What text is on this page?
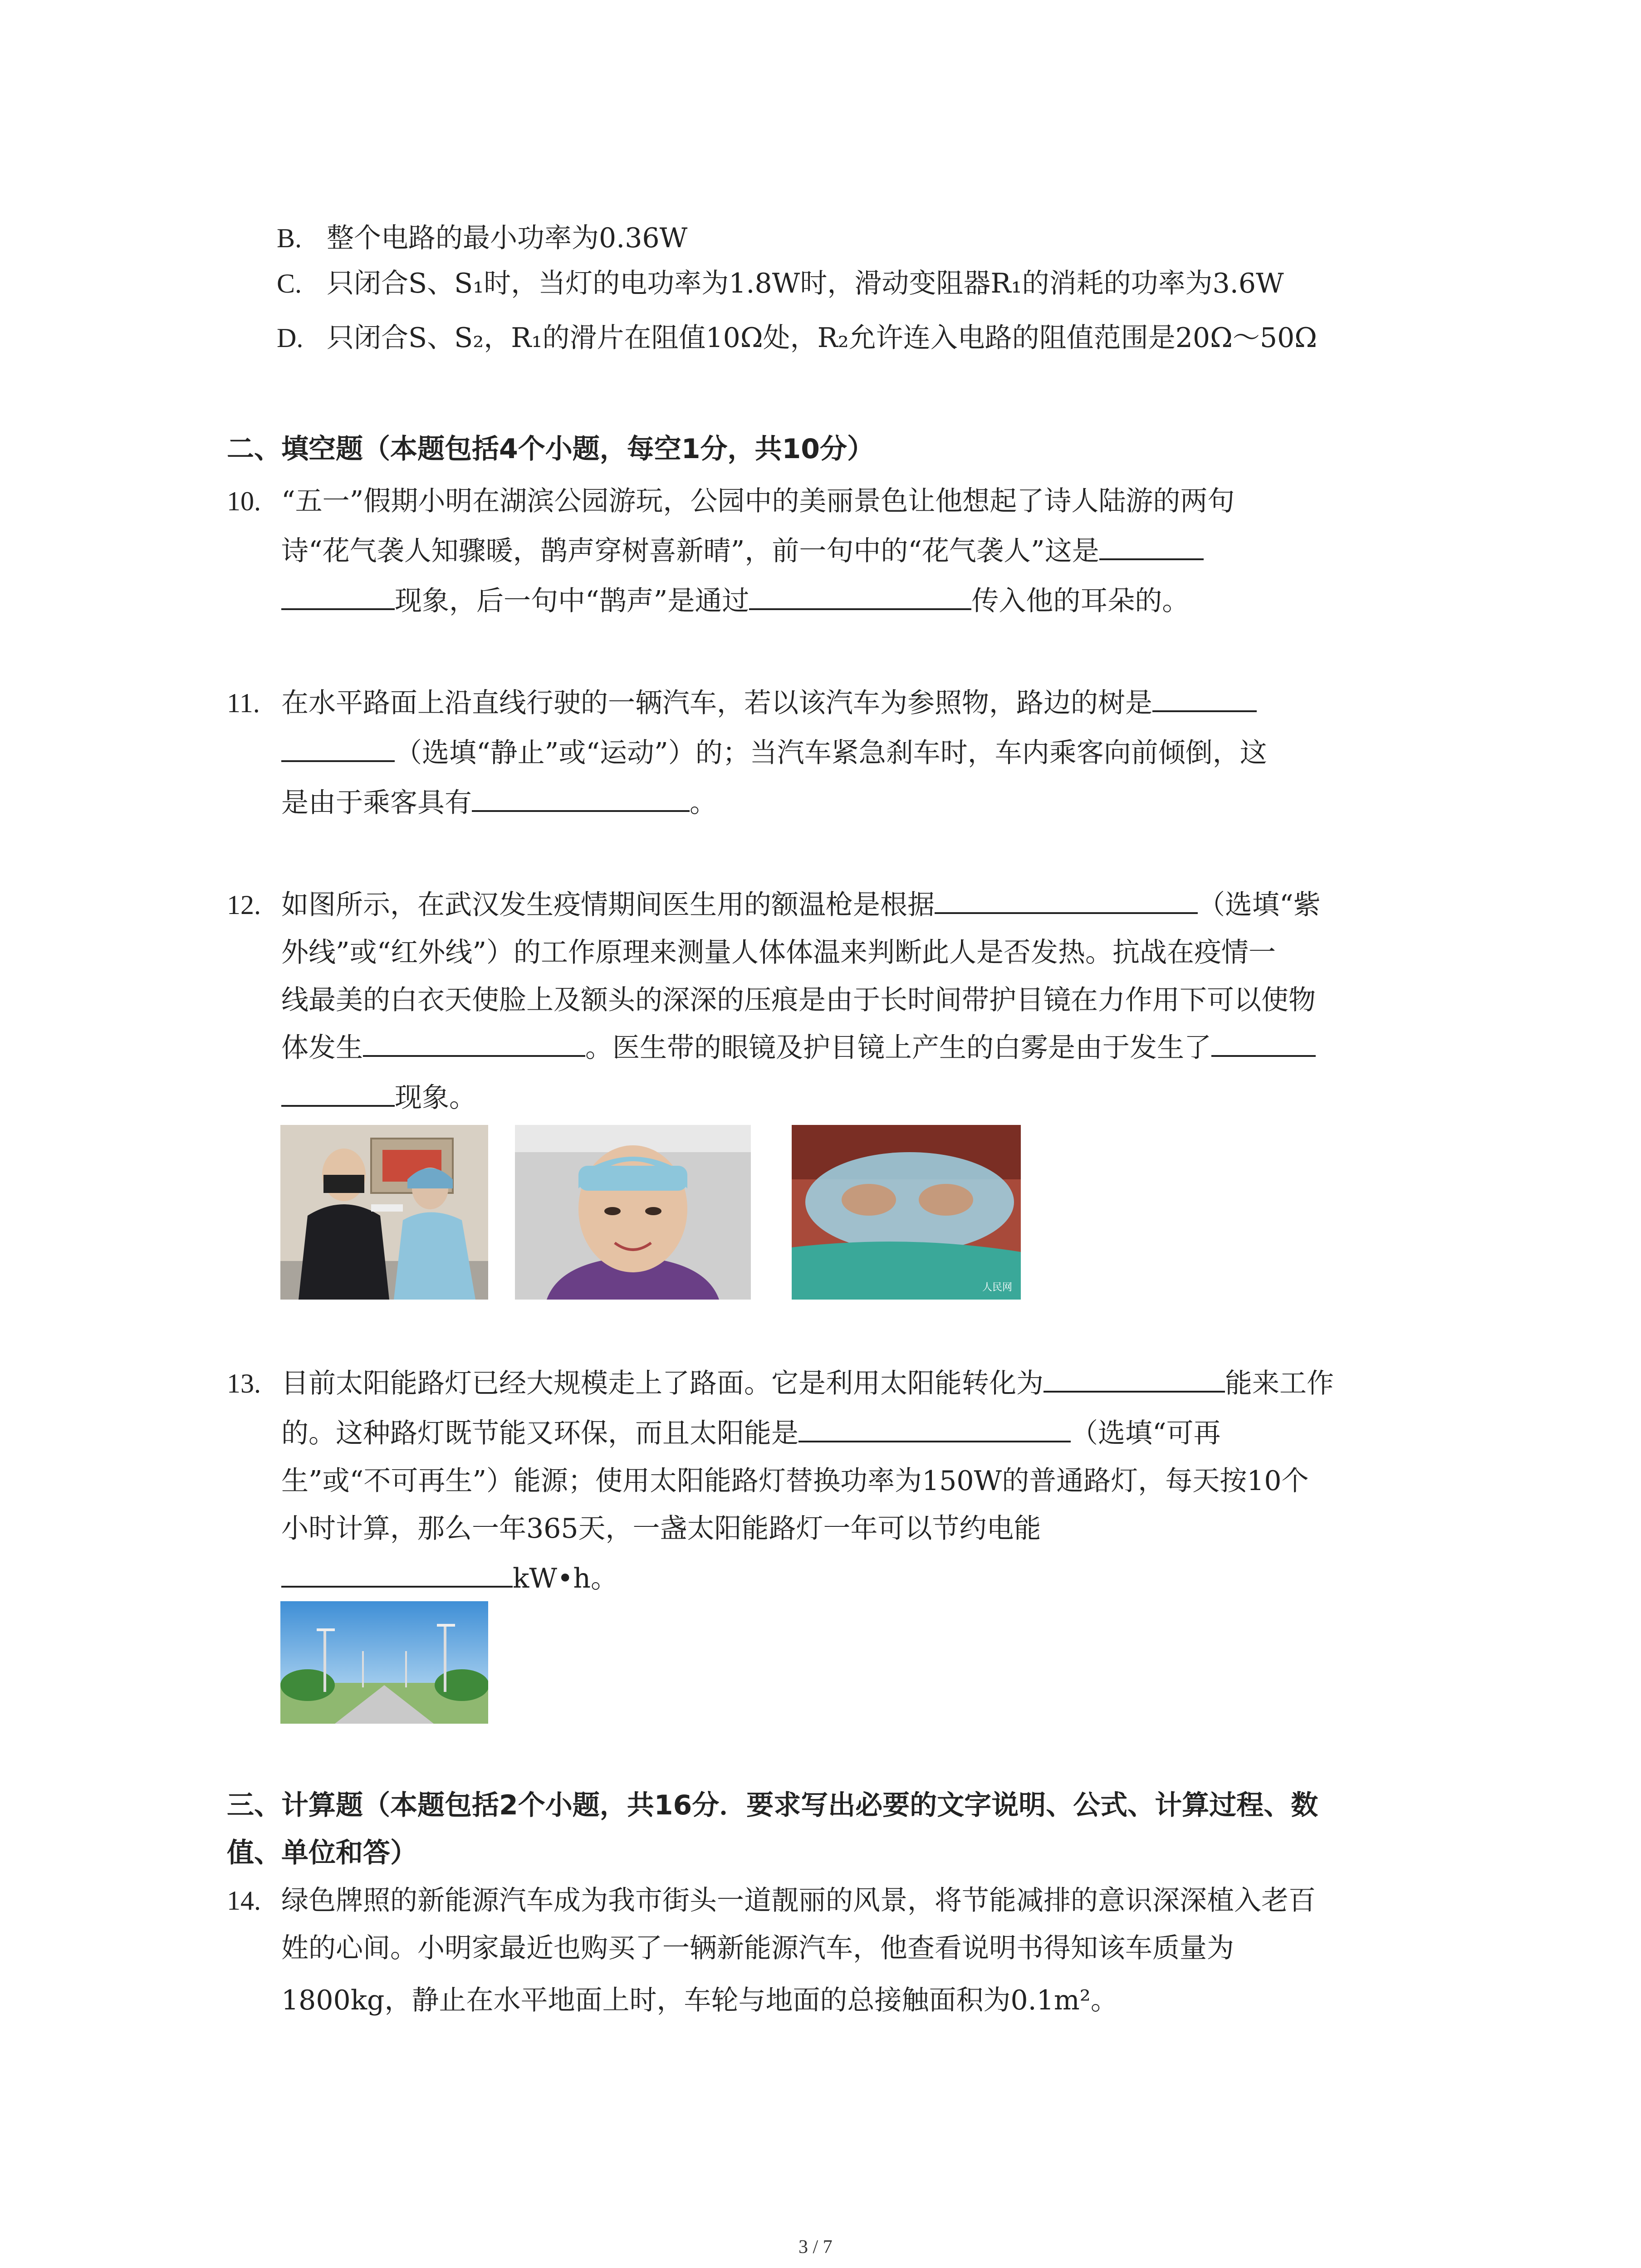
B. 整个电路的最小功率为0.36W
C. 只闭合S、S₁时，当灯的电功率为1.8W时，滑动变阻器R₁的消耗的功率为3.6W
D. 只闭合S、S₂，R₁的滑片在阻值10Ω处，R₂允许连入电路的阻值范围是20Ω～50Ω
二、填空题（本题包括4个小题，每空1分，共10分）
10. “五一”假期小明在湖滨公园游玩，公园中的美丽景色让他想起了诗人陆游的两句
诗“花气袭人知骤暖，鹊声穿树喜新晴”，前一句中的“花气袭人”这是
现象，后一句中“鹊声”是通过	传入他的耳朵的。
11. 在水平路面上沿直线行驶的一辆汽车，若以该汽车为参照物，路边的树是
（选填“静止”或“运动”）的；当汽车紧急刹车时，车内乘客向前倾倒，这
是由于乘客具有	。
12. 如图所示，在武汉发生疫情期间医生用的额温枪是根据	（选填“紫
外线”或“红外线”）的工作原理来测量人体体温来判断此人是否发热。抗战在疫情一
线最美的白衣天使脸上及额头的深深的压痕是由于长时间带护目镜在力作用下可以使物
体发生	。医生带的眼镜及护目镜上产生的白雾是由于发生了
现象。
人民网
13. 目前太阳能路灯已经大规模走上了路面。它是利用太阳能转化为	能来工作
的。这种路灯既节能又环保，而且太阳能是	（选填“可再
生”或“不可再生”）能源；使用太阳能路灯替换功率为150W的普通路灯，每天按10个
小时计算，那么一年365天，一盏太阳能路灯一年可以节约电能
kW•h。
三、计算题（本题包括2个小题，共16分．要求写出必要的文字说明、公式、计算过程、数
值、单位和答）
14. 绿色牌照的新能源汽车成为我市街头一道靓丽的风景，将节能减排的意识深深植入老百
姓的心间。小明家最近也购买了一辆新能源汽车，他查看说明书得知该车质量为
1800kg，静止在水平地面上时，车轮与地面的总接触面积为0.1m²。
3 / 7
